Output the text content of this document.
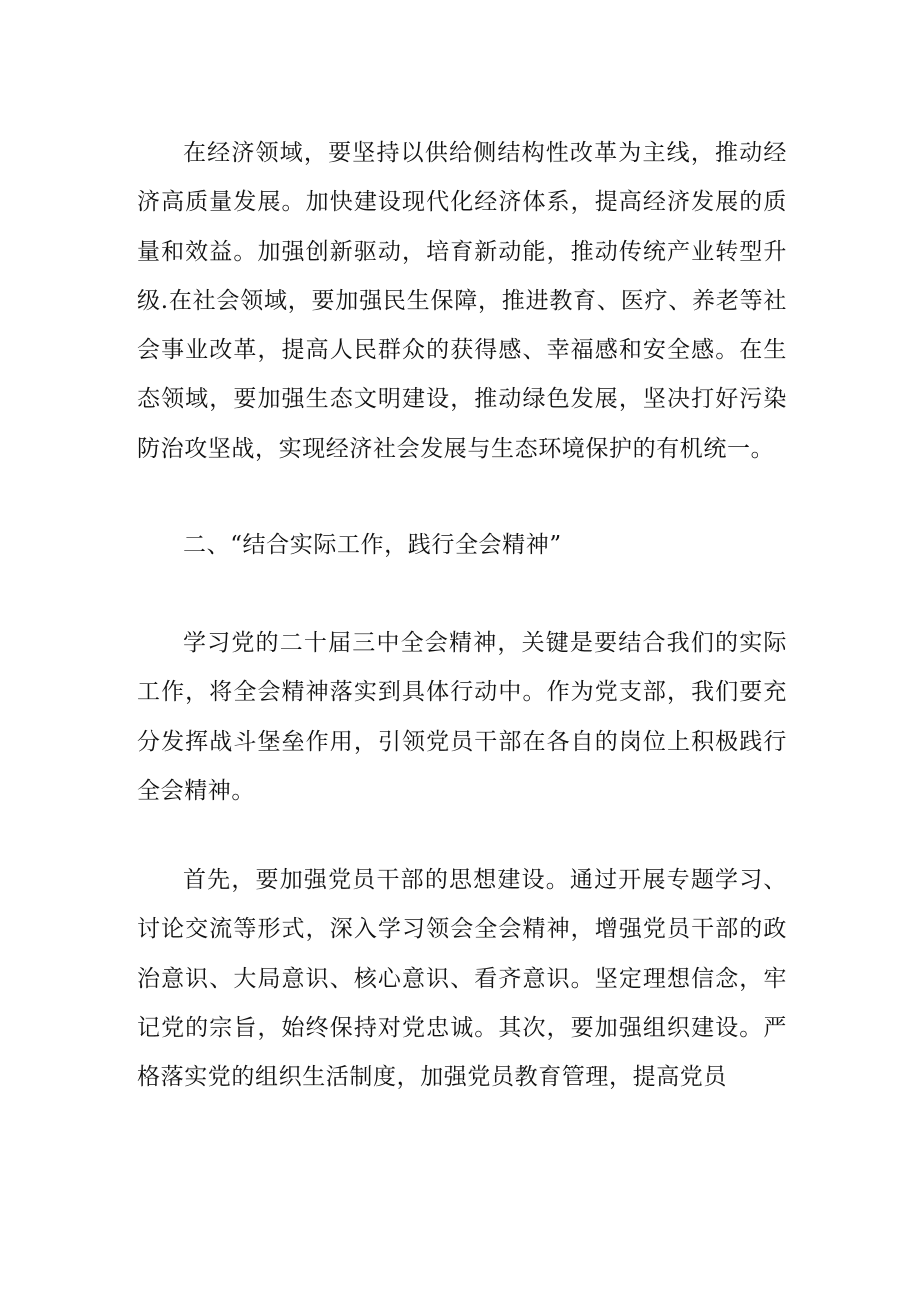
在经济领域，要坚持以供给侧结构性改革为主线，推动经济高质量发展。加快建设现代化经济体系，提高经济发展的质量和效益。加强创新驱动，培育新动能，推动传统产业转型升级.在社会领域，要加强民生保障，推进教育、医疗、养老等社会事业改革，提高人民群众的获得感、幸福感和安全感。在生态领域，要加强生态文明建设，推动绿色发展，坚决打好污染防治攻坚战，实现经济社会发展与生态环境保护的有机统一。

二、“结合实际工作，践行全会精神”

学习党的二十届三中全会精神，关键是要结合我们的实际工作，将全会精神落实到具体行动中。作为党支部，我们要充分发挥战斗堡垒作用，引领党员干部在各自的岗位上积极践行全会精神。

首先，要加强党员干部的思想建设。通过开展专题学习、讨论交流等形式，深入学习领会全会精神，增强党员干部的政治意识、大局意识、核心意识、看齐意识。坚定理想信念，牢记党的宗旨，始终保持对党忠诚。其次，要加强组织建设。严格落实党的组织生活制度，加强党员教育管理，提高党员
